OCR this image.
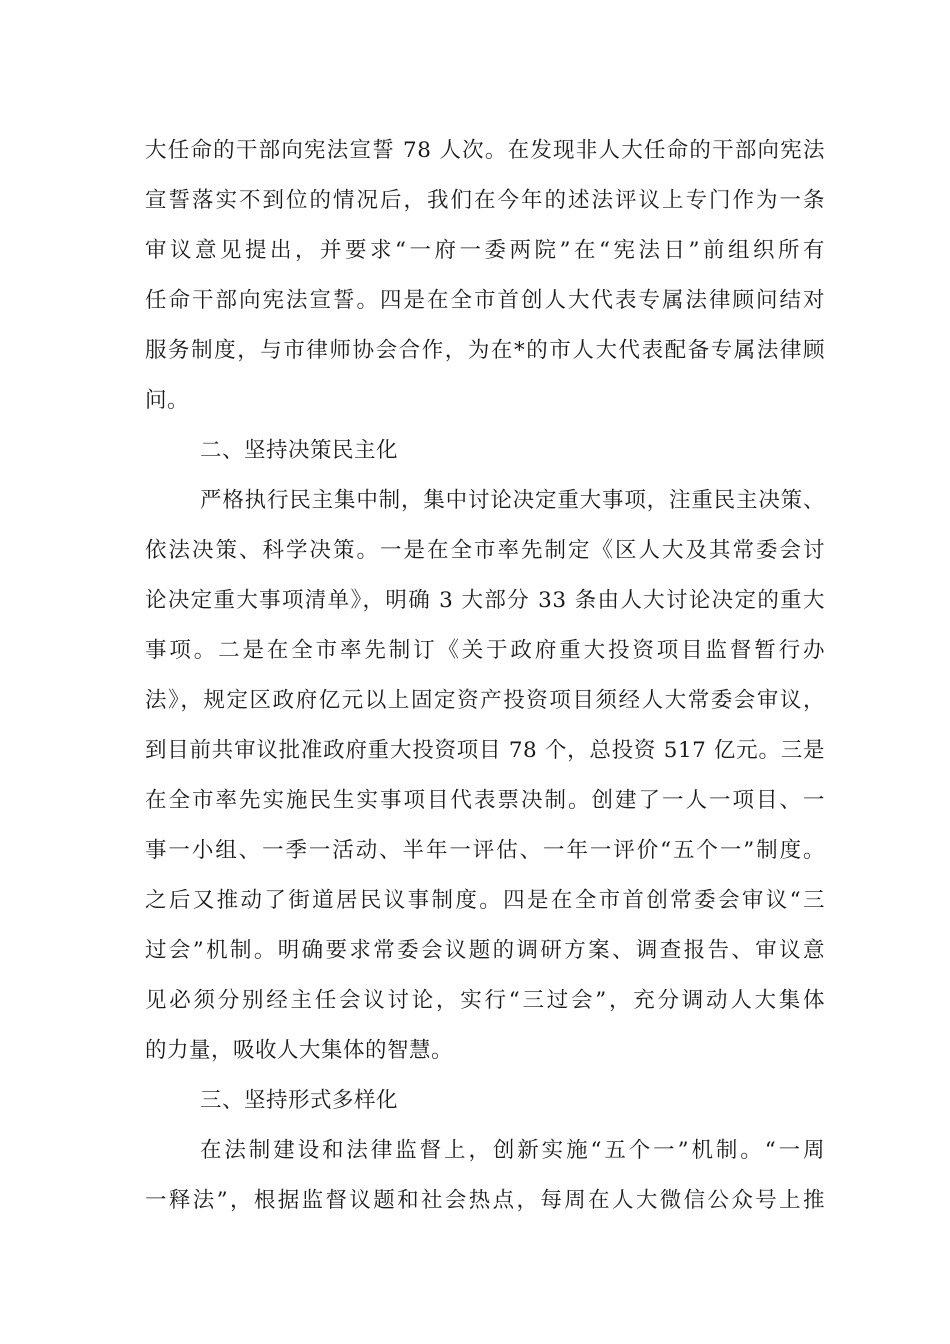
大任命的干部向宪法宣誓 78 人次。在发现非人大任命的干部向宪法
宣誓落实不到位的情况后，我们在今年的述法评议上专门作为一条
审议意见提出，并要求“一府一委两院”在“宪法日”前组织所有
任命干部向宪法宣誓。四是在全市首创人大代表专属法律顾问结对
服务制度，与市律师协会合作，为在*的市人大代表配备专属法律顾
问。
二、坚持决策民主化
严格执行民主集中制，集中讨论决定重大事项，注重民主决策、
依法决策、科学决策。一是在全市率先制定《区人大及其常委会讨
论决定重大事项清单》，明确 3 大部分 33 条由人大讨论决定的重大
事项。二是在全市率先制订《关于政府重大投资项目监督暂行办
法》，规定区政府亿元以上固定资产投资项目须经人大常委会审议，
到目前共审议批准政府重大投资项目 78 个，总投资 517 亿元。三是
在全市率先实施民生实事项目代表票决制。创建了一人一项目、一
事一小组、一季一活动、半年一评估、一年一评价“五个一”制度。
之后又推动了街道居民议事制度。四是在全市首创常委会审议“三
过会”机制。明确要求常委会议题的调研方案、调查报告、审议意
见必须分别经主任会议讨论，实行“三过会”，充分调动人大集体
的力量，吸收人大集体的智慧。
三、坚持形式多样化
在法制建设和法律监督上，创新实施“五个一”机制。“一周
一释法”，根据监督议题和社会热点，每周在人大微信公众号上推
